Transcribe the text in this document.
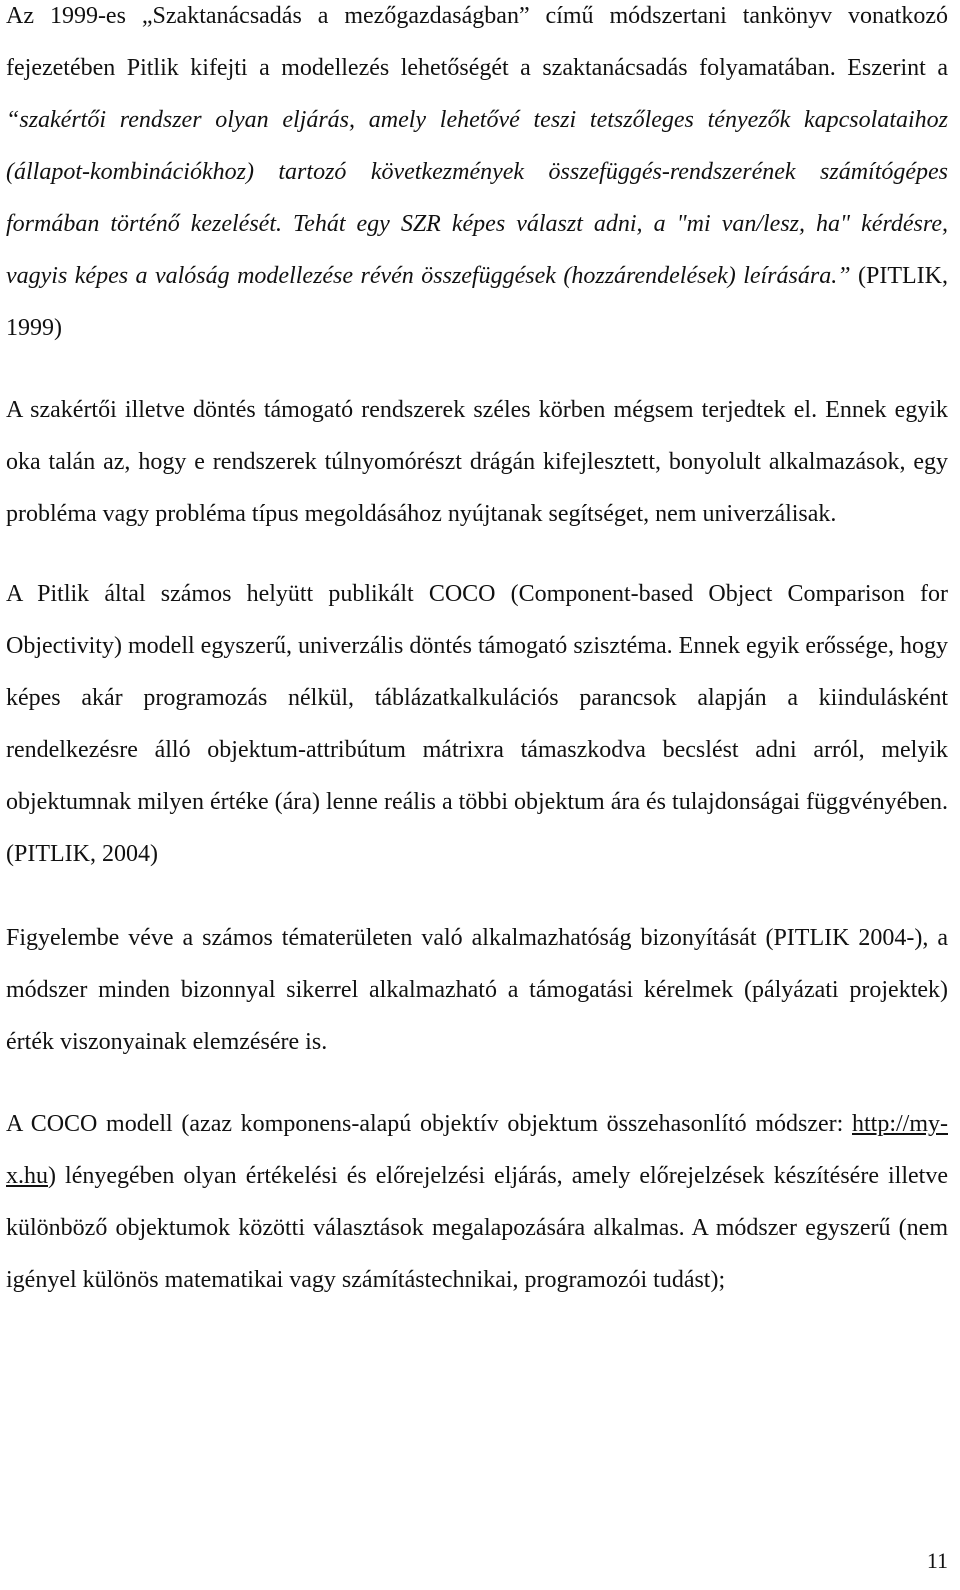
Az 1999-es „Szaktanácsadás a mezőgazdaságban” című módszertani tankönyv vonatkozó fejezetében Pitlik kifejti a modellezés lehetőségét a szaktanácsadás folyamatában. Eszerint a “szakértői rendszer olyan eljárás, amely lehetővé teszi tetszőleges tényezők kapcsolataihoz (állapot-kombinációkhoz) tartozó következmények összefüggés-rendszerének számítógépes formában történő kezelését. Tehát egy SZR képes választ adni, a "mi van/lesz, ha" kérdésre, vagyis képes a valóság modellezése révén összefüggések (hozzárendelések) leírására.” (PITLIK, 1999)

A szakértői illetve döntés támogató rendszerek széles körben mégsem terjedtek el. Ennek egyik oka talán az, hogy e rendszerek túlnyomórészt drágán kifejlesztett, bonyolult alkalmazások, egy probléma vagy probléma típus megoldásához nyújtanak segítséget, nem univerzálisak.

A Pitlik által számos helyütt publikált COCO (Component-based Object Comparison for Objectivity) modell egyszerű, univerzális döntés támogató szisztéma. Ennek egyik erőssége, hogy képes akár programozás nélkül, táblázatkalkulációs parancsok alapján a kiindulásként rendelkezésre álló objektum-attribútum mátrixra támaszkodva becslést adni arról, melyik objektumnak milyen értéke (ára) lenne reális a többi objektum ára és tulajdonságai függvényében. (PITLIK, 2004)

Figyelembe véve a számos tématerületen való alkalmazhatóság bizonyítását (PITLIK 2004-), a módszer minden bizonnyal sikerrel alkalmazható a támogatási kérelmek (pályázati projektek) érték viszonyainak elemzésére is.

A COCO modell (azaz komponens-alapú objektív objektum összehasonlító módszer: http://my-x.hu) lényegében olyan értékelési és előrejelzési eljárás, amely előrejelzések készítésére illetve különböző objektumok közötti választások megalapozására alkalmas. A módszer egyszerű (nem igényel különös matematikai vagy számítástechnikai, programozói tudást);

11
